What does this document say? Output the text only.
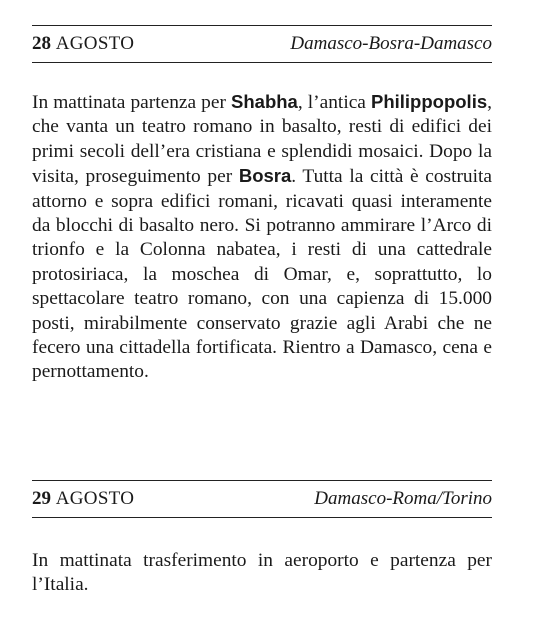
28 AGOSTO	Damasco-Bosra-Damasco

In mattinata partenza per Shabha, l’antica Philippopolis, che vanta un teatro romano in basalto, resti di edifici dei primi secoli dell’era cristiana e splendidi mosaici. Dopo la visita, proseguimento per Bosra. Tutta la città è costruita attorno e sopra edifici romani, ricavati quasi interamente da blocchi di basalto nero. Si potranno ammirare l’Arco di trionfo e la Colonna nabatea, i resti di una cattedrale protosiriaca, la moschea di Omar, e, soprattutto, lo spettacolare teatro romano, con una capienza di 15.000 posti, mirabilmente conservato grazie agli Arabi che ne fecero una cittadella fortificata. Rientro a Damasco, cena e pernottamento.

29 AGOSTO	Damasco-Roma/Torino

In mattinata trasferimento in aeroporto e partenza per l’Italia.
